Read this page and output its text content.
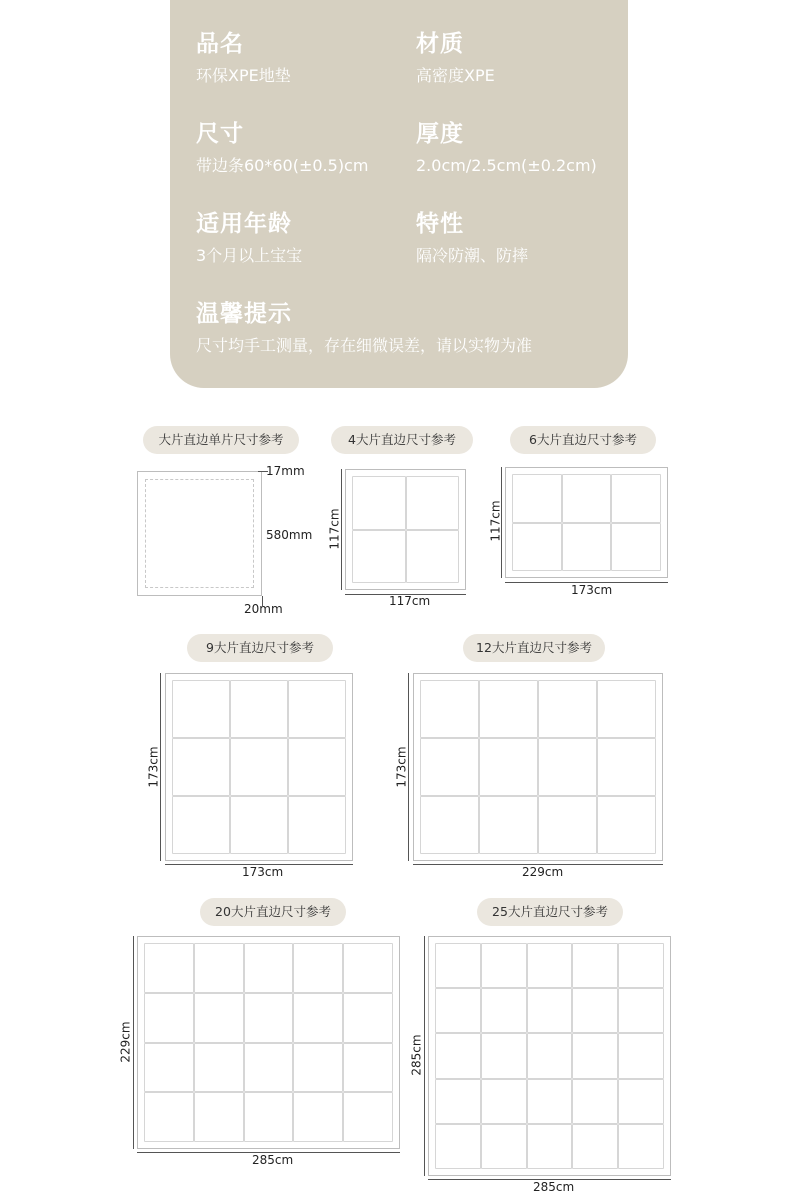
品名
环保XPE地垫
材质
高密度XPE
尺寸
带边条60*60(±0.5)cm
厚度
2.0cm/2.5cm(±0.2cm)
适用年龄
3个月以上宝宝
特性
隔冷防潮、防摔
温馨提示
尺寸均手工测量，存在细微误差，请以实物为准
大片直边单片尺寸参考
17mm
580mm
20mm
4大片直边尺寸参考
117cm
117cm
6大片直边尺寸参考
117cm
173cm
9大片直边尺寸参考
173cm
173cm
12大片直边尺寸参考
173cm
229cm
20大片直边尺寸参考
229cm
285cm
25大片直边尺寸参考
285cm
285cm
